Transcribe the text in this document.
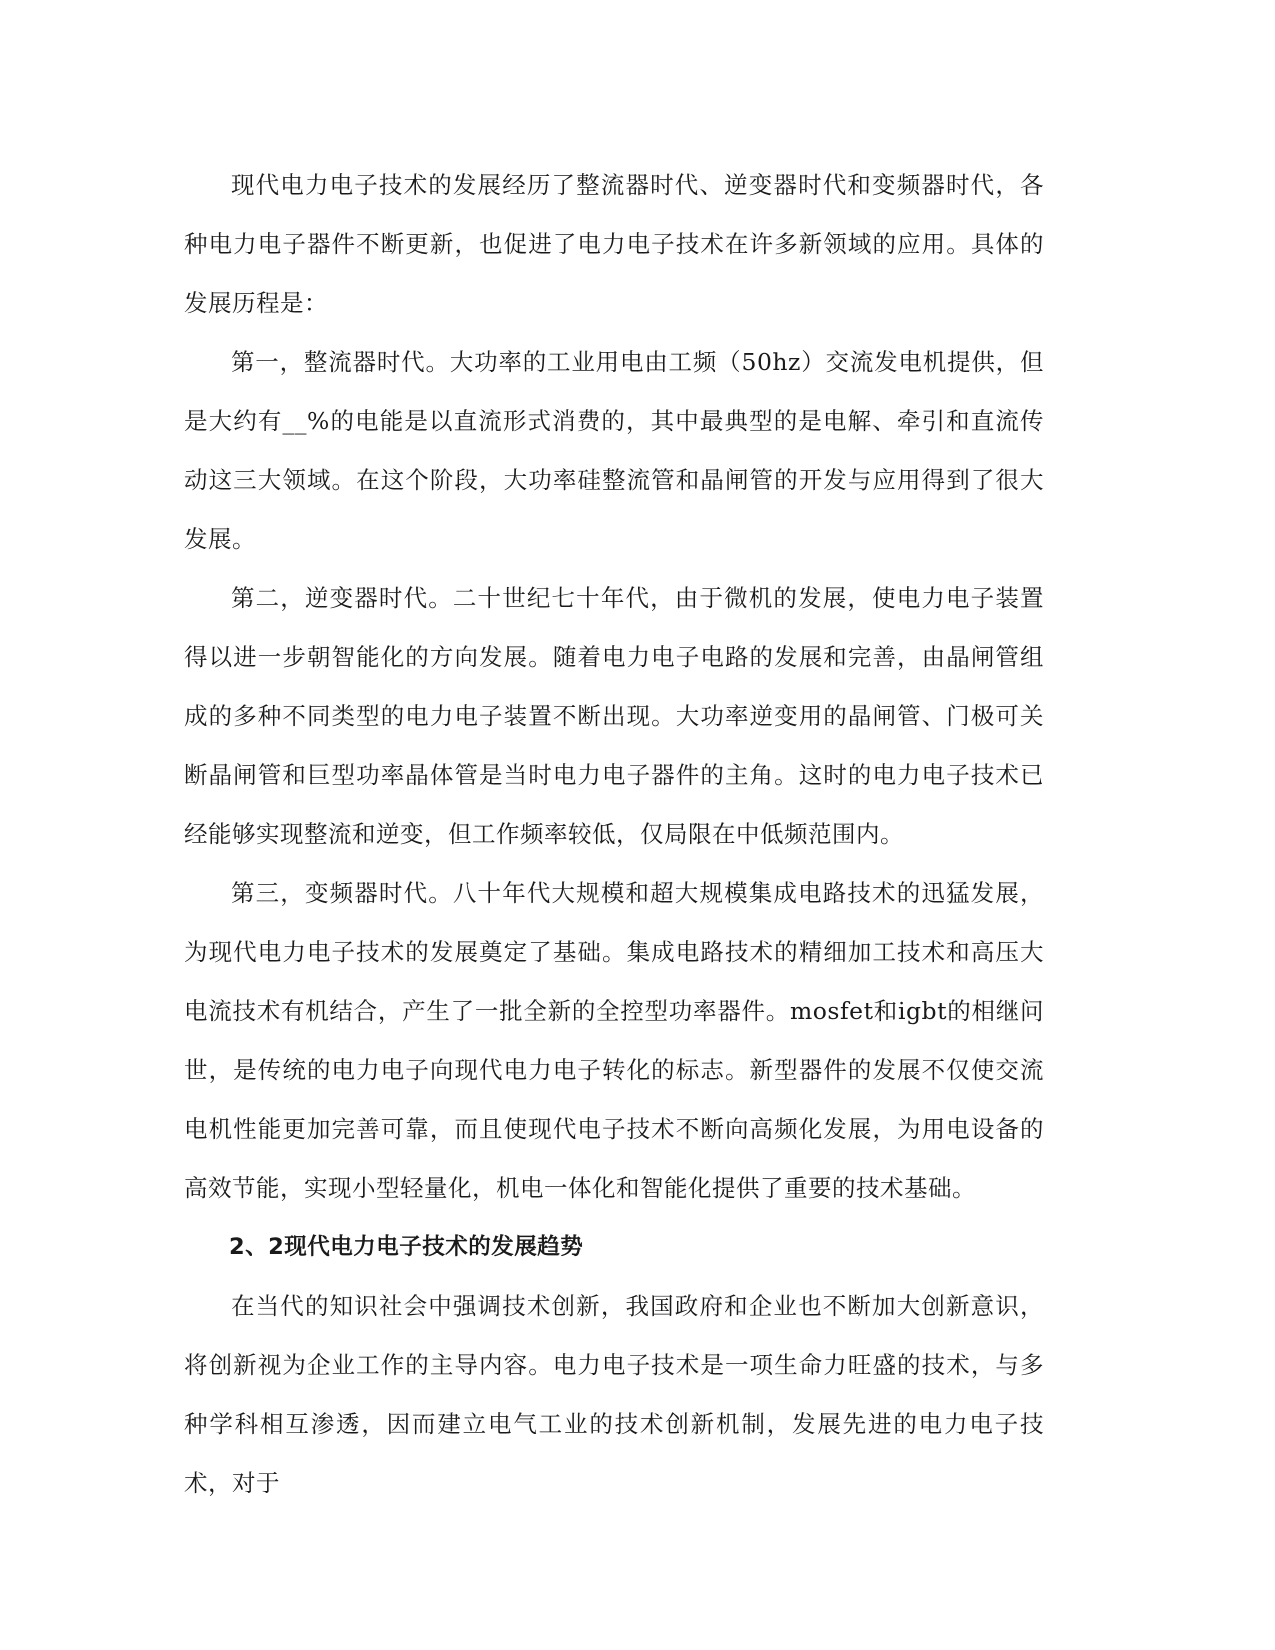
现代电力电子技术的发展经历了整流器时代、逆变器时代和变频器时代，各种电力电子器件不断更新，也促进了电力电子技术在许多新领域的应用。具体的发展历程是：

第一，整流器时代。大功率的工业用电由工频（50hz）交流发电机提供，但是大约有__%的电能是以直流形式消费的，其中最典型的是电解、牵引和直流传动这三大领域。在这个阶段，大功率硅整流管和晶闸管的开发与应用得到了很大发展。

第二，逆变器时代。二十世纪七十年代，由于微机的发展，使电力电子装置得以进一步朝智能化的方向发展。随着电力电子电路的发展和完善，由晶闸管组成的多种不同类型的电力电子装置不断出现。大功率逆变用的晶闸管、门极可关断晶闸管和巨型功率晶体管是当时电力电子器件的主角。这时的电力电子技术已经能够实现整流和逆变，但工作频率较低，仅局限在中低频范围内。

第三，变频器时代。八十年代大规模和超大规模集成电路技术的迅猛发展，为现代电力电子技术的发展奠定了基础。集成电路技术的精细加工技术和高压大电流技术有机结合，产生了一批全新的全控型功率器件。mosfet和igbt的相继问世，是传统的电力电子向现代电力电子转化的标志。新型器件的发展不仅使交流电机性能更加完善可靠，而且使现代电子技术不断向高频化发展，为用电设备的高效节能，实现小型轻量化，机电一体化和智能化提供了重要的技术基础。

2、2现代电力电子技术的发展趋势

在当代的知识社会中强调技术创新，我国政府和企业也不断加大创新意识，将创新视为企业工作的主导内容。电力电子技术是一项生命力旺盛的技术，与多种学科相互渗透，因而建立电气工业的技术创新机制，发展先进的电力电子技术，对于
